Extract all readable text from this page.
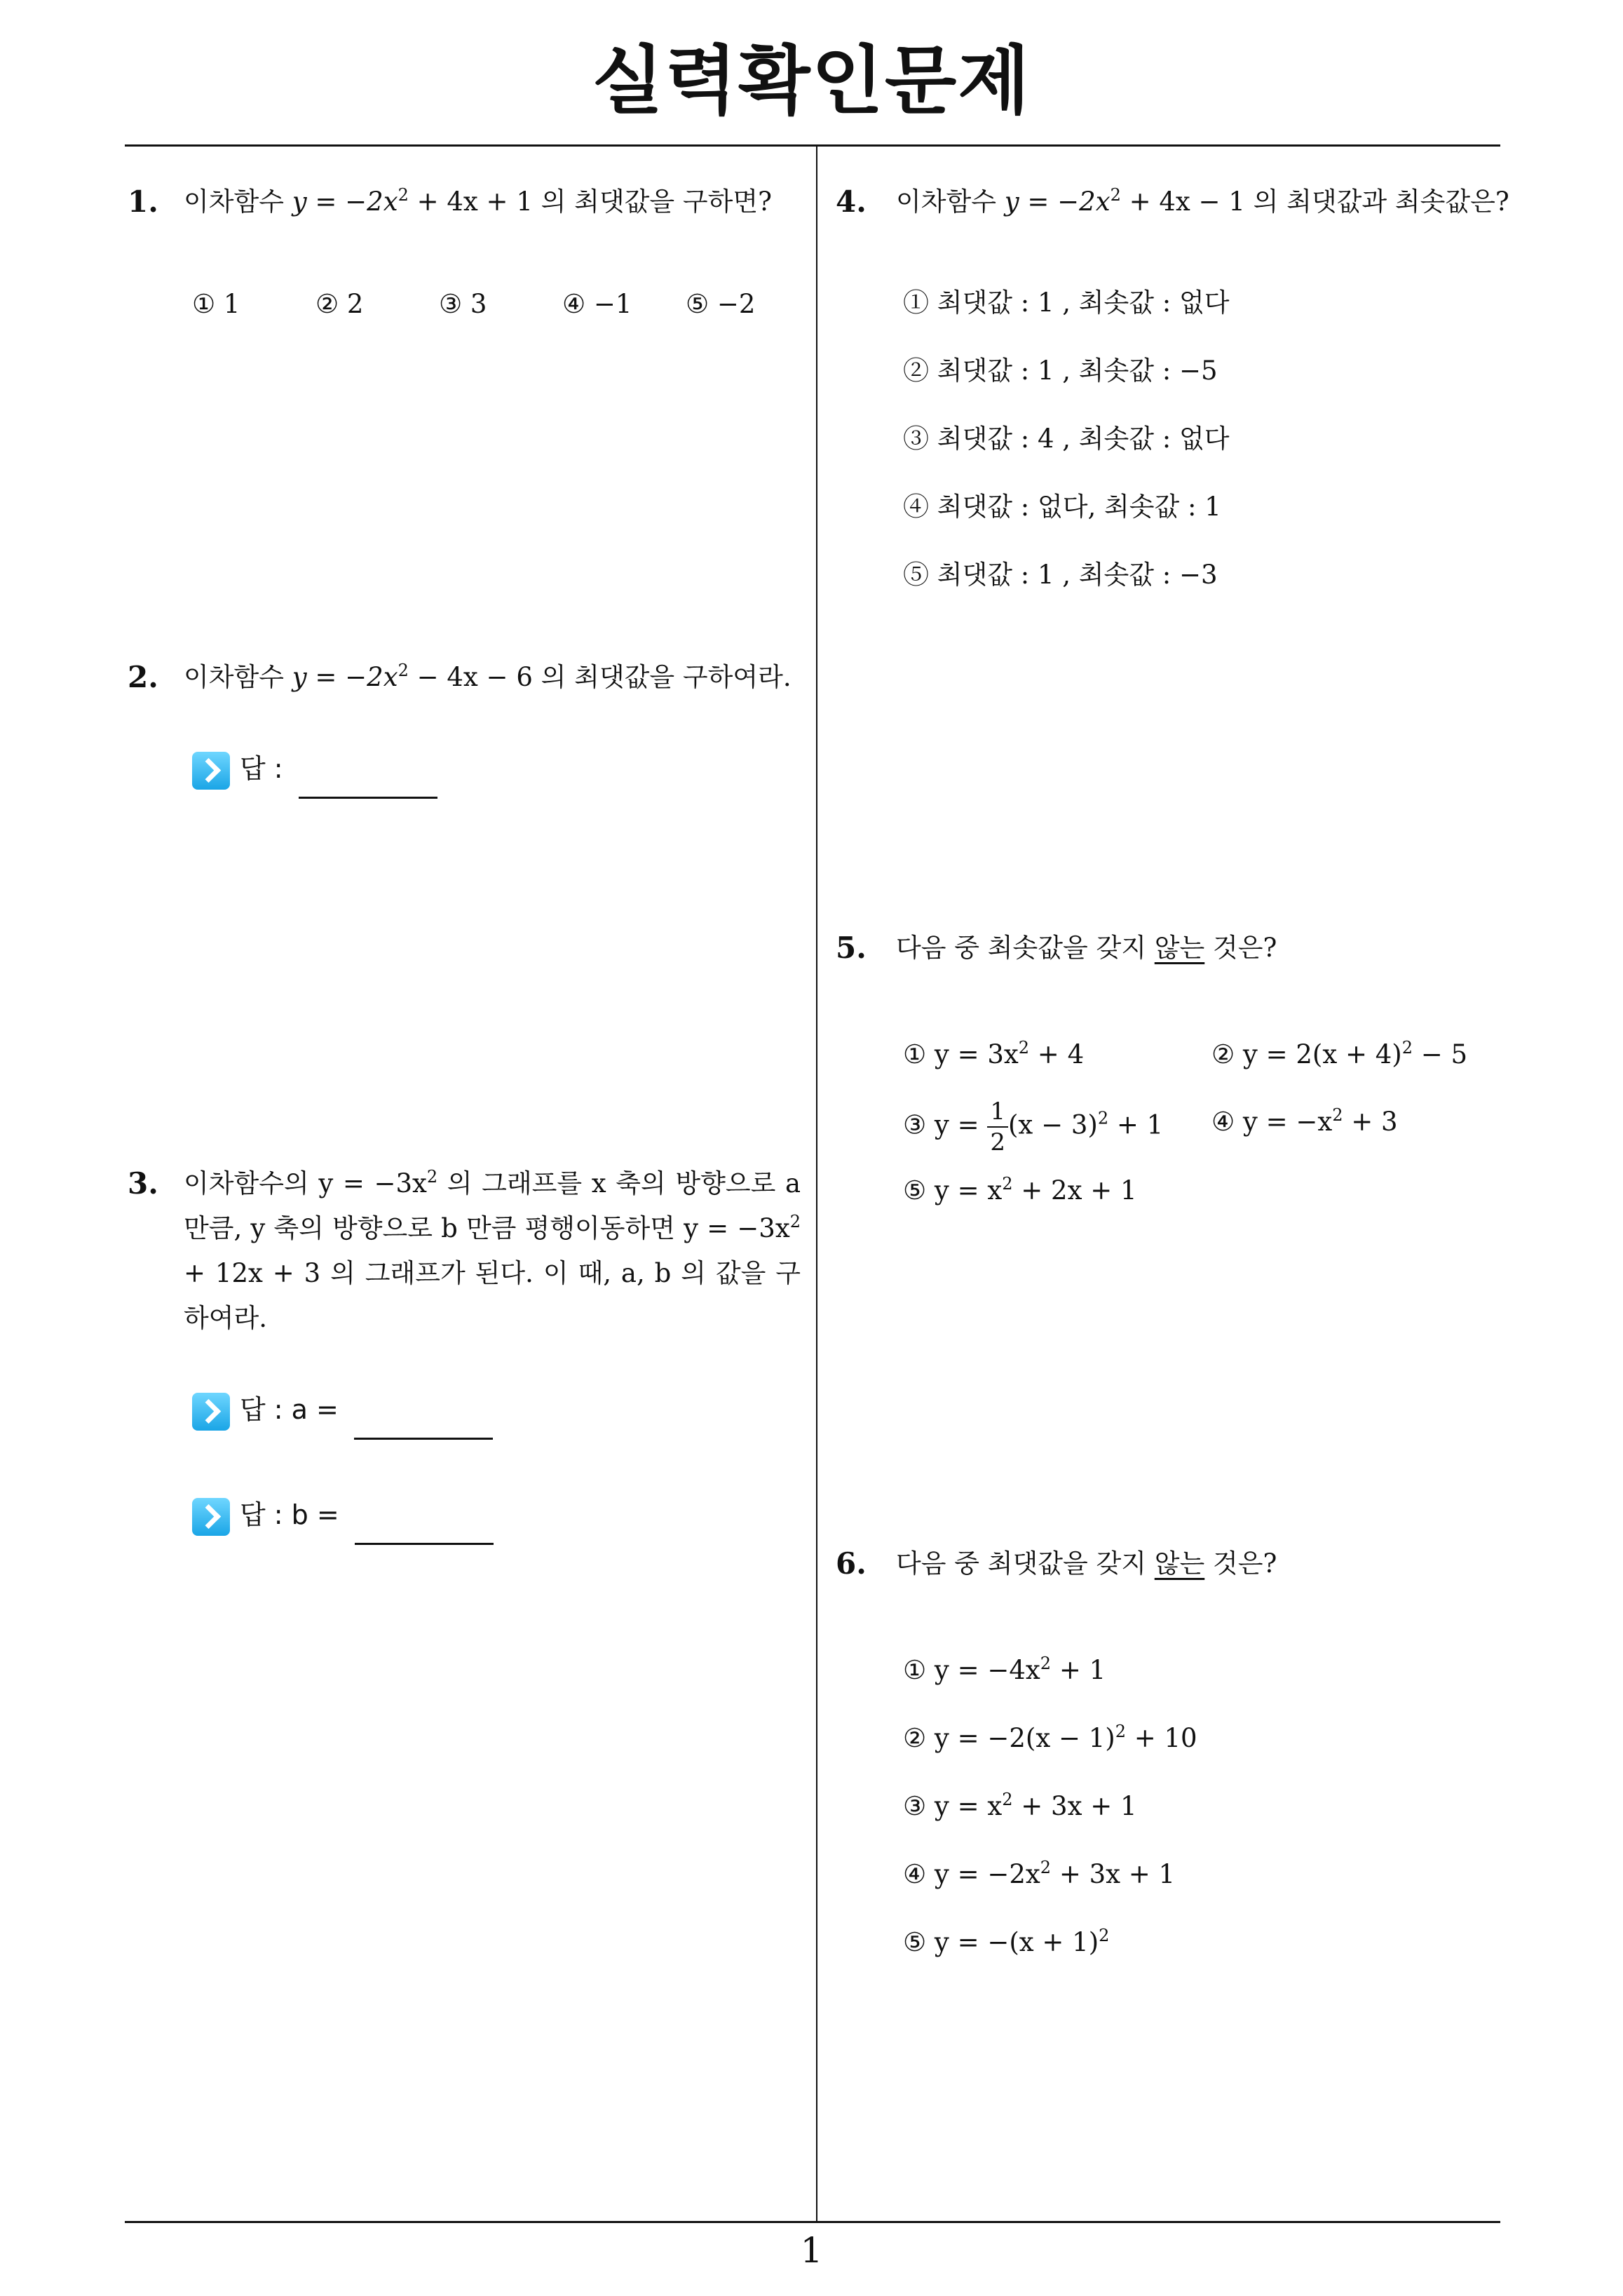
실력확인문제
1
1. 이차함수 $y = -2x^2 + 4x + 1$ 의 최댓값을 구하면?
① 1	② 2	③ 3	④ −1 ⑤ −2
2. 이차함수 $y = -2x^2 - 4x - 6$ 의 최댓값을 구하여라.
답 :
3. 이차함수의 $y = -3x^2$ 의 그래프를 x 축의 방향으로 a 만큼, y 축의 방향으로 b 만큼 평행이동하면 $y = -3x^2 + 12x + 3$ 의 그래프가 된다. 이 때, a, b 의 값을 구하여라.
답 : a =
답 : b =
4. 이차함수 $y = -2x^2 + 4x - 1$ 의 최댓값과 최솟값은?
① 최댓값 : 1 , 최솟값 : 없다
② 최댓값 : 1 , 최솟값 : −5
③ 최댓값 : 4 , 최솟값 : 없다
④ 최댓값 : 없다, 최솟값 : 1
⑤ 최댓값 : 1 , 최솟값 : −3
5. 다음 중 최솟값을 갖지 않는 것은?
① $y = 3x^2 + 4$	② $y = 2(x + 4)^2 - 5$
③ $y = \frac{1}{2} (x - 3)^2 + 1$ ④ $y = -x^2 + 3$
⑤ $y = x^2 + 2x + 1$
6. 다음 중 최댓값을 갖지 않는 것은?
① $y = -4x^2 + 1$
② $y = -2(x - 1)^2 + 10$
③ $y = x^2 + 3x + 1$
④ $y = -2x^2 + 3x + 1$
⑤ $y = -(x + 1)^2$
